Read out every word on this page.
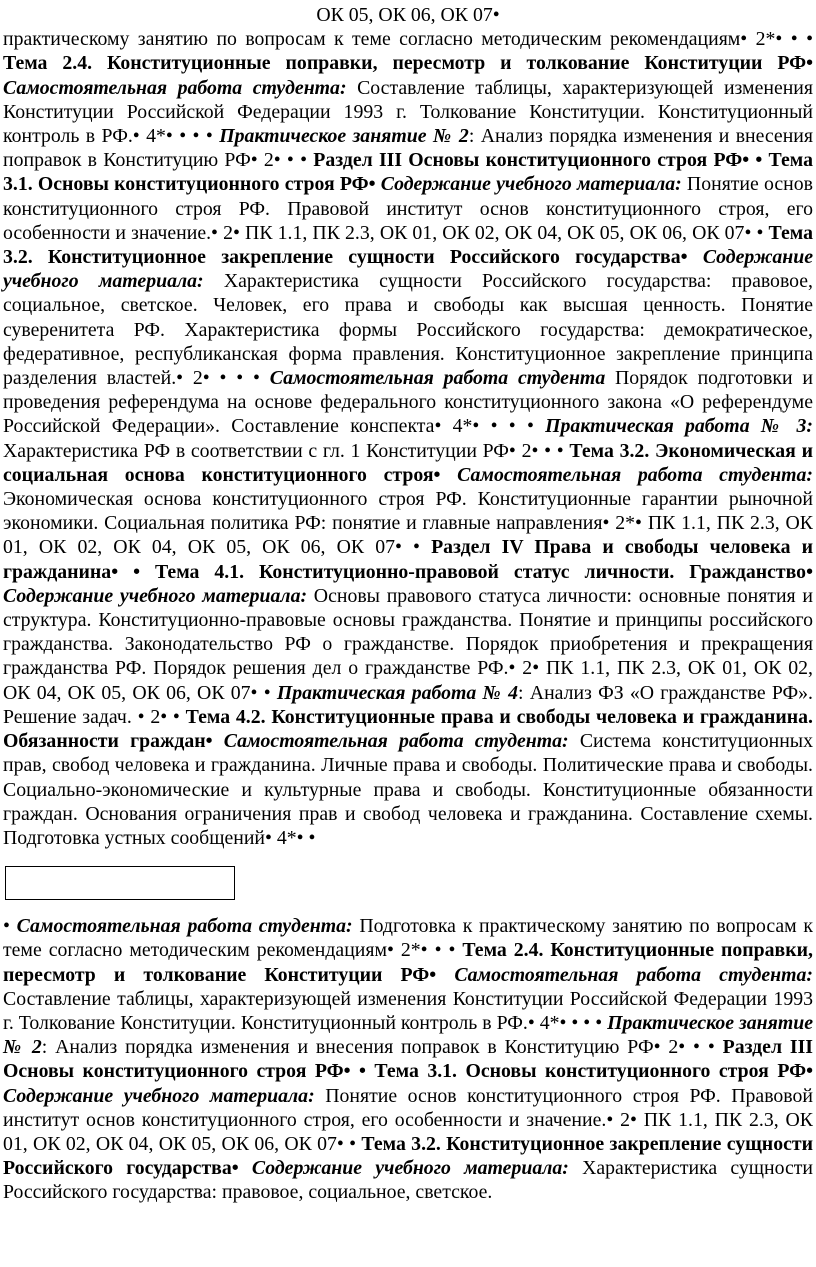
ОК 05, ОК 06, ОК 07•

практическому занятию по вопросам к теме согласно методическим рекомендациям• 2*• • • Тема 2.4. Конституционные поправки, пересмотр и толкование Конституции РФ• Самостоятельная работа студента: Составление таблицы, характеризующей изменения Конституции Российской Федерации 1993 г. Толкование Конституции. Конституционный контроль в РФ.• 4*• • • • Практическое занятие № 2: Анализ порядка изменения и внесения поправок в Конституцию РФ• 2• • • Раздел III Основы конституционного строя РФ• • Тема 3.1. Основы конституционного строя РФ• Содержание учебного материала: Понятие основ конституционного строя РФ. Правовой институт основ конституционного строя, его особенности и значение.• 2• ПК 1.1, ПК 2.3, ОК 01, ОК 02, ОК 04, ОК 05, ОК 06, ОК 07• • Тема 3.2. Конституционное закрепление сущности Российского государства• Содержание учебного материала: Характеристика сущности Российского государства: правовое, социальное, светское. Человек, его права и свободы как высшая ценность. Понятие суверенитета РФ. Характеристика формы Российского государства: демократическое, федеративное, республиканская форма правления. Конституционное закрепление принципа разделения властей.• 2• • • • Самостоятельная работа студента Порядок подготовки и проведения референдума на основе федерального конституционного закона «О референдуме Российской Федерации». Составление конспекта• 4*• • • • Практическая работа № 3: Характеристика РФ в соответствии с гл. 1 Конституции РФ• 2• • • Тема 3.2. Экономическая и социальная основа конституционного строя• Самостоятельная работа студента: Экономическая основа конституционного строя РФ. Конституционные гарантии рыночной экономики. Социальная политика РФ: понятие и главные направления• 2*• ПК 1.1, ПК 2.3, ОК 01, ОК 02, ОК 04, ОК 05, ОК 06, ОК 07• • Раздел IV Права и свободы человека и гражданина• • Тема 4.1. Конституционно-правовой статус личности. Гражданство• Содержание учебного материала: Основы правового статуса личности: основные понятия и структура. Конституционно-правовые основы гражданства. Понятие и принципы российского гражданства. Законодательство РФ о гражданстве. Порядок приобретения и прекращения гражданства РФ. Порядок решения дел о гражданстве РФ.• 2• ПК 1.1, ПК 2.3, ОК 01, ОК 02, ОК 04, ОК 05, ОК 06, ОК 07• • Практическая работа № 4: Анализ ФЗ «О гражданстве РФ». Решение задач. • 2• • Тема 4.2. Конституционные права и свободы человека и гражданина. Обязанности граждан• Самостоятельная работа студента: Система конституционных прав, свобод человека и гражданина. Личные права и свободы. Политические права и свободы. Социально-экономические и культурные права и свободы. Конституционные обязанности граждан. Основания ограничения прав и свобод человека и гражданина. Составление схемы. Подготовка устных сообщений• 4*• •

• Самостоятельная работа студента: Подготовка к практическому занятию по вопросам к теме согласно методическим рекомендациям• 2*• • • Тема 2.4. Конституционные поправки, пересмотр и толкование Конституции РФ• Самостоятельная работа студента: Составление таблицы, характеризующей изменения Конституции Российской Федерации 1993 г. Толкование Конституции. Конституционный контроль в РФ.• 4*• • • • Практическое занятие № 2: Анализ порядка изменения и внесения поправок в Конституцию РФ• 2• • • Раздел III Основы конституционного строя РФ• • Тема 3.1. Основы конституционного строя РФ• Содержание учебного материала: Понятие основ конституционного строя РФ. Правовой институт основ конституционного строя, его особенности и значение.• 2• ПК 1.1, ПК 2.3, ОК 01, ОК 02, ОК 04, ОК 05, ОК 06, ОК 07• • Тема 3.2. Конституционное закрепление сущности Российского государства• Содержание учебного материала: Характеристика сущности Российского государства: правовое, социальное, светское.
